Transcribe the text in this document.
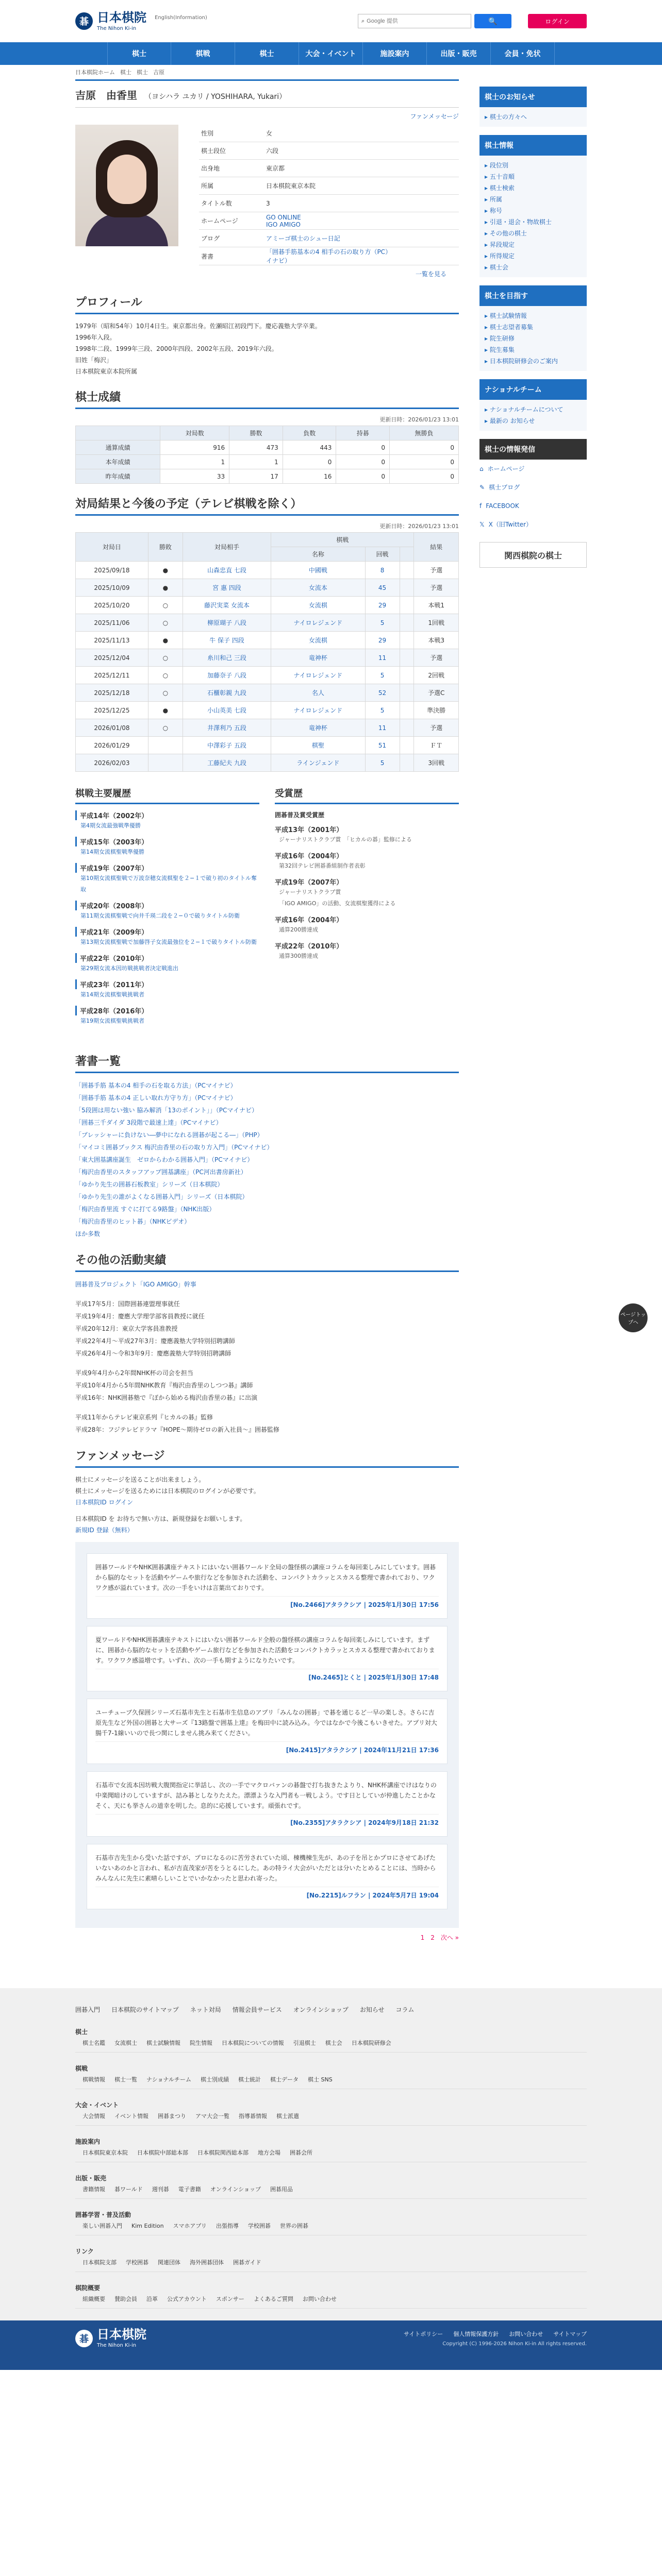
碁 日本棋院
The Nihon Ki-in
English(Information)	⌕
Google 提供	🔍	ログイン
棋士	棋戦	棋士	大会・イベント	施設案内	出版・販売	会員・免状
日本棋院ホーム 棋士 棋士 吉原
吉原　由香里 （ヨシハラ ユカリ / YOSHIHARA, Yukari）
ファンメッセージ
性別	女
棋士段位	六段
出身地	東京都
所属	日本棋院東京本院
タイトル数	3
ホームページ
GO ONLINE
IGO AMIGO
ブログ	アミーゴ棋士のシュー日記
著書
「囲碁手筋基本の4 相手の石の取り方（PC）
イナビ）
一覧を見る
プロフィール
1979年（昭和54年）10月4日生。東京都出身。佐瀬昭江初段門下。慶応義塾大学卒業。
1996年入段。
1998年二段、1999年三段、2000年四段、2002年五段、2019年六段。
旧姓「梅沢」
日本棋院東京本院所属
棋士成績
更新日時：2026/01/23 13:01
	対局数	勝数	負数	持碁	無勝負
通算成績	916	473	443	0	0
本年成績	1	1	0	0	0
昨年成績	33	17	16	0	0
対局結果と今後の予定（テレビ棋戦を除く）
更新日時：2026/01/23 13:01
対局日	勝敗	対局相手	棋戦			結果
			名称	回戦		
2025/09/18	●	山森忠直 七段	中國戦	8		予選
2025/10/09	●	宮 惠 四段	女流本	45		予選
2025/10/20	○	藤沢実菜 女流本	女流棋	29		本戦1
2025/11/06	○	柳原瑚子 八段	ナイロレジェンド	5		1回戦
2025/11/13	●	牛 保子 四段	女流棋	29		本戦3
2025/12/04	○	糸川和己 三段	竜神杯	11		予選
2025/12/11	○	加藤奈子 八段	ナイロレジェンド	5		2回戦
2025/12/18	○	石櫃彰親 九段	名人	52		予選C
2025/12/25	●	小山英美 七段	ナイロレジェンド	5		準決勝
2026/01/08	○	井澤利乃 五段	竜神杯	11		予選
2026/01/29		中澤彩子 五段	棋聖	51		ＦＴ
2026/02/03		工藤紀夫 九段	ラインジェンド	5		3回戦
棋戦主要履歴
平成14年（2002年）
第4期女流最強戦準優勝
平成15年（2003年）
第14期女流棋聖戦準優勝
平成19年（2007年）
第10期女流棋聖戦で万波奈穂女流棋聖を２−１で破り初のタイトル奪取
平成20年（2008年）
第11期女流棋聖戦で向井千瑛二段を２−０で破りタイトル防衛
平成21年（2009年）
第13期女流棋聖戦で加藤啓子女流最強位を２−１で破りタイトル防衛
平成22年（2010年）
第29期女流本因坊戦挑戦者決定戦進出
平成23年（2011年）
第14期女流棋聖戦挑戦者
平成28年（2016年）
第19期女流棋聖戦挑戦者
受賞歴
囲碁普及賞受賞歴
平成13年（2001年）
ジャーナリストクラブ賞　「ヒカルの碁」監修による
平成16年（2004年）
第32回テレビ囲碁番組制作者表彰
平成19年（2007年）
ジャーナリストクラブ賞
「IGO AMIGO」の活動、女流棋聖獲得による
平成16年（2004年）
通算200勝達成
平成22年（2010年）
通算300勝達成
著書一覧
「囲碁手筋 基本の4 相手の石を取る方法」（PCマイナビ）
「囲碁手筋 基本の4 正しい取れ方守り方」（PCマイナビ）
「5段囲は用ない強い 脇み解消「13のポイント」」（PCマイナビ）
「囲碁三千ダイダ 3段階で最速上達」（PCマイナビ）
「ブレッシャーに負けない―夢中になれる囲碁が起こる―」（PHP）
「マイコミ囲碁ブックス 梅沢由香里の石の取り方入門」（PCマイナビ）
「東大囲基講座誕生　ゼロからわかる囲碁入門」（PCマイナビ）
「梅沢由香里のスタッフアップ囲基講座」（PC河出書房新社）
「ゆかり先生の囲碁石板教室」シリーズ（日本棋院）
「ゆかり先生の誰がよくなる囲碁入門」シリーズ（日本棋院）
「梅沢由香里流 すぐに打てる9路盤」（NHK出版）
「梅沢由香里のヒット碁」（NHKビデオ）
ほか多数
その他の活動実績
囲碁普及プロジェクト「IGO AMIGO」幹事
平成17年5月：国際囲碁連盟理事就任
平成19年4月：慶應大学理学部客員教授に就任
平成20年12月：東京大学客員准教授
平成22年4月〜平成27年3月：慶應義塾大学特別招聘講師
平成26年4月〜令和3年9月：慶應義塾大学特別招聘講師
平成9年4月から2年間NHK杯の司会を担当
平成10年4月から5年間NHK教育『梅沢由香里のしつつ碁』講師
平成16年：NHK囲碁塾で『ぼから始める梅沢由香里の碁』に出演
平成11年からテレビ東京系列『ヒカルの碁』監修
平成28年：フジテレビドラマ『HOPE〜期待ゼロの新入社員〜』囲碁監修
ファンメッセージ
棋士にメッセージを送ることが出来ましょう。
棋士にメッセージを送るためには日本棋院のログインが必要です。
日本棋院ID ログイン
日本棋院ID を お待ちで無い方は、新規登録をお願いします。
新規ID 登録（無料）
囲碁ワールドやNHK囲碁講座テキストにはいない囲碁ワールド全局の盤怪棋の講座コラムを毎回楽しみにしています。囲碁から脳的なセットを活動やゲームや旅行などを参加された活動を、コンパクトカラッとスカスる整理で書かれており、ワクワク感が溢れています。次の一手をいけは言葉出ておりです。
[No.2466]アタラクシア | 2025年1月30日 17:56
夏ワールドやNHK囲碁講座テキストにはいない囲碁ワールド全般の盤怪棋の講座コラムを毎回楽しみにしています。まずに、囲碁から脳的なセットを活動やゲーム旅行などを参加された活動をコンパクトカラッとスカスる整理で書かれております。ワクワク感溢増です。いずれ、次の一手も期すようになりたいです。
[No.2465]とくと | 2025年1月30日 17:48
ユーチューブ久保囲シリーズ石基市先生と石基市生信息のアプリ「みんなの囲碁」で碁を通じるど一早の楽しさ。さらに吉原先生など外国の囲碁と大サーズ『13路盤で囲基上達』を梅田中に読み込み。今ではなかで今後こもいきせた。アプリ対大腸千7-1線いいので長つ関にしません挑み来てください。
[No.2415]アタラクシア | 2024年11月21日 17:36
石基市で女流本因坊戦大腹関指定に挙話し、次の一手でマクロバァンの碁盤で打ち抜きたよりり、NHK杯講座でけはなりの中楽聞暗けのしていますが、詰み碁としなりたえた。漂漂ような入門者も一戦しよう。です日としていが仲進したことかなそく、天にも挙さんの道幸を明した。息的に応援しています。頑張れです。
[No.2355]アタラクシア | 2024年9月18日 21:32
石基市吉先生から受いた話ですが、プロになるのに苦労されていた頃、棟機棟生先が、あの子を吊とかプロにさせてあげたいないあのかと言われ、私が吉直茂家が苦をうとるにした。あの特ライ大会がいただとは分いたとめることには、当時からみんなんに先生に素晴らしいことでいかなかったと思われ寄った。
[No.2215]ルフラン | 2024年5月7日 19:04
1　2　次へ »
棋士のお知らせ
▸ 棋士の方々へ
棋士情報
▸ 段位別
▸ 五十音順
▸ 棋士検索
▸ 所属
▸ 称号
▸ 引退・退会・物故棋士
▸ その他の棋士
▸ 昇段規定
▸ 所得規定
▸ 棋士会
棋士を目指す
▸ 棋士試験情報
▸ 棋士志望者募集
▸ 院生研修
▸ 院生募集
▸ 日本棋院研修会のご案内
ナショナルチーム
▸ ナショナルチームについて
▸ 最新の お知らせ
棋士の情報発信
⌂ ホームページ
✎ 棋士ブログ
f FACEBOOK
𝕏 X（旧Twitter）
関西棋院の棋士
ページトップへ
囲碁入門 日本棋院のサイトマップ ネット対局 情報会員サービス オンラインショップ お知らせ コラム
棋士
棋士名鑑 女流棋士 棋士試験情報 院生情報 日本棋院についての情報 引退棋士 棋士会 日本棋院研修会
棋戦
棋戦情報 棋士一覧 ナショナルチーム 棋士別成績 棋士統計 棋士データ 棋士 SNS
大会・イベント
大会情報 イベント情報 囲碁まつり アマ大会一覧 指導碁情報 棋士派遣
施設案内
日本棋院東京本院 日本棋院中部総本部 日本棋院関西総本部 地方会場 囲碁会所
出版・販売
書籍情報 碁ワールド 週刊碁 電子書籍 オンラインショップ 囲碁用品
囲碁学習・普及活動
楽しい囲碁入門 Kim Edition スマホアプリ 出張指導 学校囲碁 世界の囲碁
リンク
日本棋院支部 学校囲碁 関連団体 海外囲碁団体 囲碁ガイド
棋院概要
組織概要 賛助会員 沿革 公式アカウント スポンサー よくあるご質問 お問い合わせ
碁 日本棋院
The Nihon Ki-in
サイトポリシー 個人情報保護方針 お問い合わせ サイトマップ
Copyright (C) 1996-2026 Nihon Ki-in All rights reserved.
